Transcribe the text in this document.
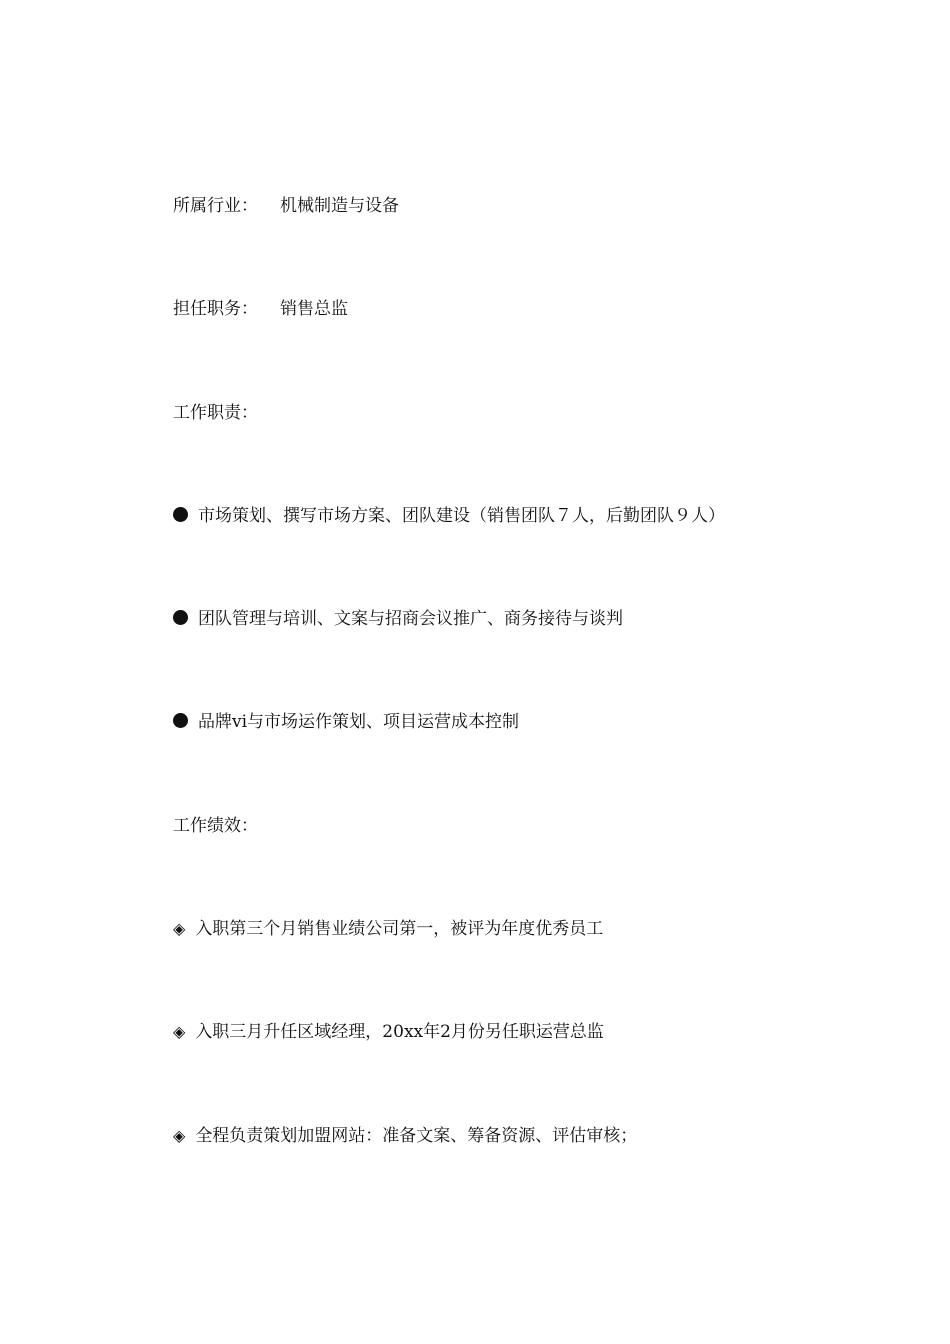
所属行业： 机械制造与设备
担任职务： 销售总监
工作职责：
市场策划、撰写市场方案、团队建设（销售团队７人，后勤团队９人）
团队管理与培训、文案与招商会议推广、商务接待与谈判
品牌vi与市场运作策划、项目运营成本控制
工作绩效：
◈ 入职第三个月销售业绩公司第一，被评为年度优秀员工
◈ 入职三月升任区域经理，20xx年2月份另任职运营总监
◈ 全程负责策划加盟网站：准备文案、筹备资源、评估审核；
